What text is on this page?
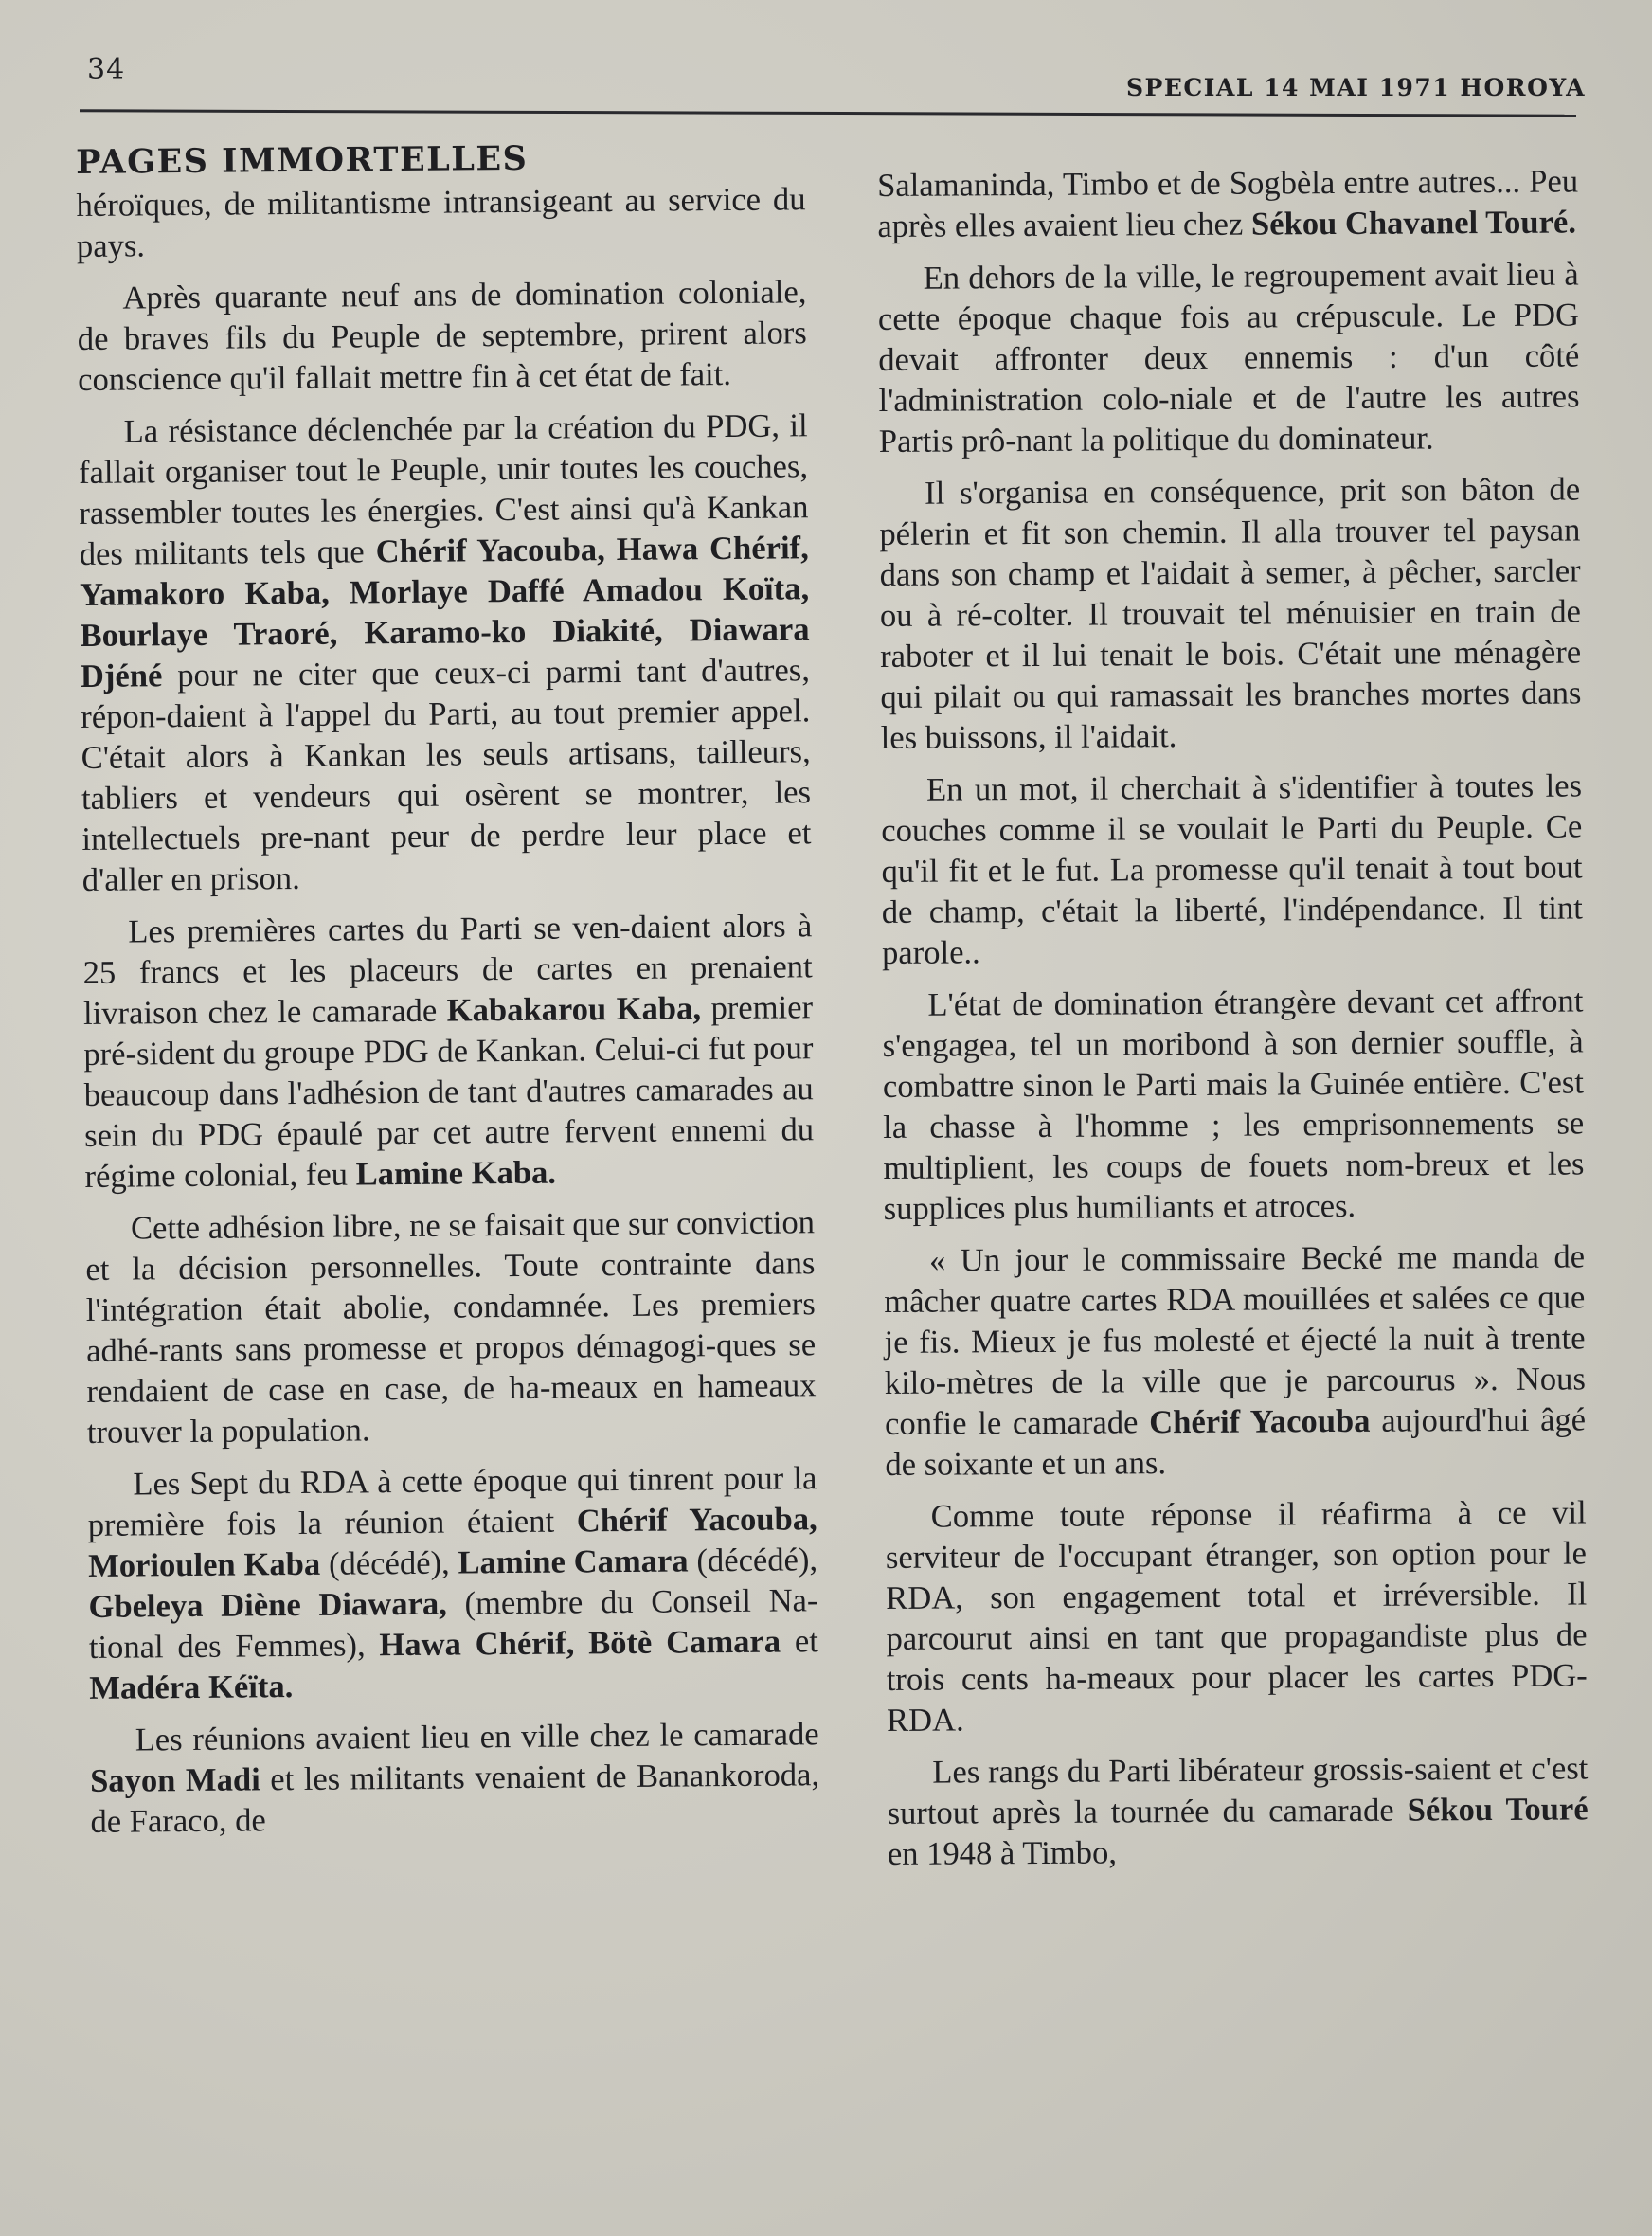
34
SPECIAL 14 MAI 1971 HOROYA
PAGES IMMORTELLES

héroïques, de militantisme intransigeant au service du pays.

Après quarante neuf ans de domination coloniale, de braves fils du Peuple de septembre, prirent alors conscience qu'il fallait mettre fin à cet état de fait.

La résistance déclenchée par la création du PDG, il fallait organiser tout le Peuple, unir toutes les couches, rassembler toutes les énergies. C'est ainsi qu'à Kankan des militants tels que Chérif Yacouba, Hawa Chérif, Yamakoro Kaba, Morlaye Daffé Amadou Koïta, Bourlaye Traoré, Karamo-ko Diakité, Diawara Djéné pour ne citer que ceux-ci parmi tant d'autres, répon-daient à l'appel du Parti, au tout premier appel. C'était alors à Kankan les seuls artisans, tailleurs, tabliers et vendeurs qui osèrent se montrer, les intellectuels pre-nant peur de perdre leur place et d'aller en prison.

Les premières cartes du Parti se ven-daient alors à 25 francs et les placeurs de cartes en prenaient livraison chez le camarade Kabakarou Kaba, premier pré-sident du groupe PDG de Kankan. Celui-ci fut pour beaucoup dans l'adhésion de tant d'autres camarades au sein du PDG épaulé par cet autre fervent ennemi du régime colonial, feu Lamine Kaba.

Cette adhésion libre, ne se faisait que sur conviction et la décision personnelles. Toute contrainte dans l'intégration était abolie, condamnée. Les premiers adhé-rants sans promesse et propos démagogi-ques se rendaient de case en case, de ha-meaux en hameaux trouver la population.

Les Sept du RDA à cette époque qui tinrent pour la première fois la réunion étaient Chérif Yacouba, Morioulen Kaba (décédé), Lamine Camara (décédé), Gbeleya Diène Diawara, (membre du Conseil Na-tional des Femmes), Hawa Chérif, Bötè Camara et Madéra Kéïta.

Les réunions avaient lieu en ville chez le camarade Sayon Madi et les militants venaient de Banankoroda, de Faraco, de

Salamaninda, Timbo et de Sogbèla entre autres... Peu après elles avaient lieu chez Sékou Chavanel Touré.

En dehors de la ville, le regroupement avait lieu à cette époque chaque fois au crépuscule. Le PDG devait affronter deux ennemis : d'un côté l'administration colo-niale et de l'autre les autres Partis prô-nant la politique du dominateur.

Il s'organisa en conséquence, prit son bâton de pélerin et fit son chemin. Il alla trouver tel paysan dans son champ et l'aidait à semer, à pêcher, sarcler ou à ré-colter. Il trouvait tel ménuisier en train de raboter et il lui tenait le bois. C'était une ménagère qui pilait ou qui ramassait les branches mortes dans les buissons, il l'aidait.

En un mot, il cherchait à s'identifier à toutes les couches comme il se voulait le Parti du Peuple. Ce qu'il fit et le fut. La promesse qu'il tenait à tout bout de champ, c'était la liberté, l'indépendance. Il tint parole..

L'état de domination étrangère devant cet affront s'engagea, tel un moribond à son dernier souffle, à combattre sinon le Parti mais la Guinée entière. C'est la chasse à l'homme ; les emprisonnements se multiplient, les coups de fouets nom-breux et les supplices plus humiliants et atroces.

« Un jour le commissaire Becké me manda de mâcher quatre cartes RDA mouillées et salées ce que je fis. Mieux je fus molesté et éjecté la nuit à trente kilo-mètres de la ville que je parcourus ». Nous confie le camarade Chérif Yacouba aujourd'hui âgé de soixante et un ans.

Comme toute réponse il réafirma à ce vil serviteur de l'occupant étranger, son option pour le RDA, son engagement total et irréversible. Il parcourut ainsi en tant que propagandiste plus de trois cents ha-meaux pour placer les cartes PDG-RDA.

Les rangs du Parti libérateur grossis-saient et c'est surtout après la tournée du camarade Sékou Touré en 1948 à Timbo,
